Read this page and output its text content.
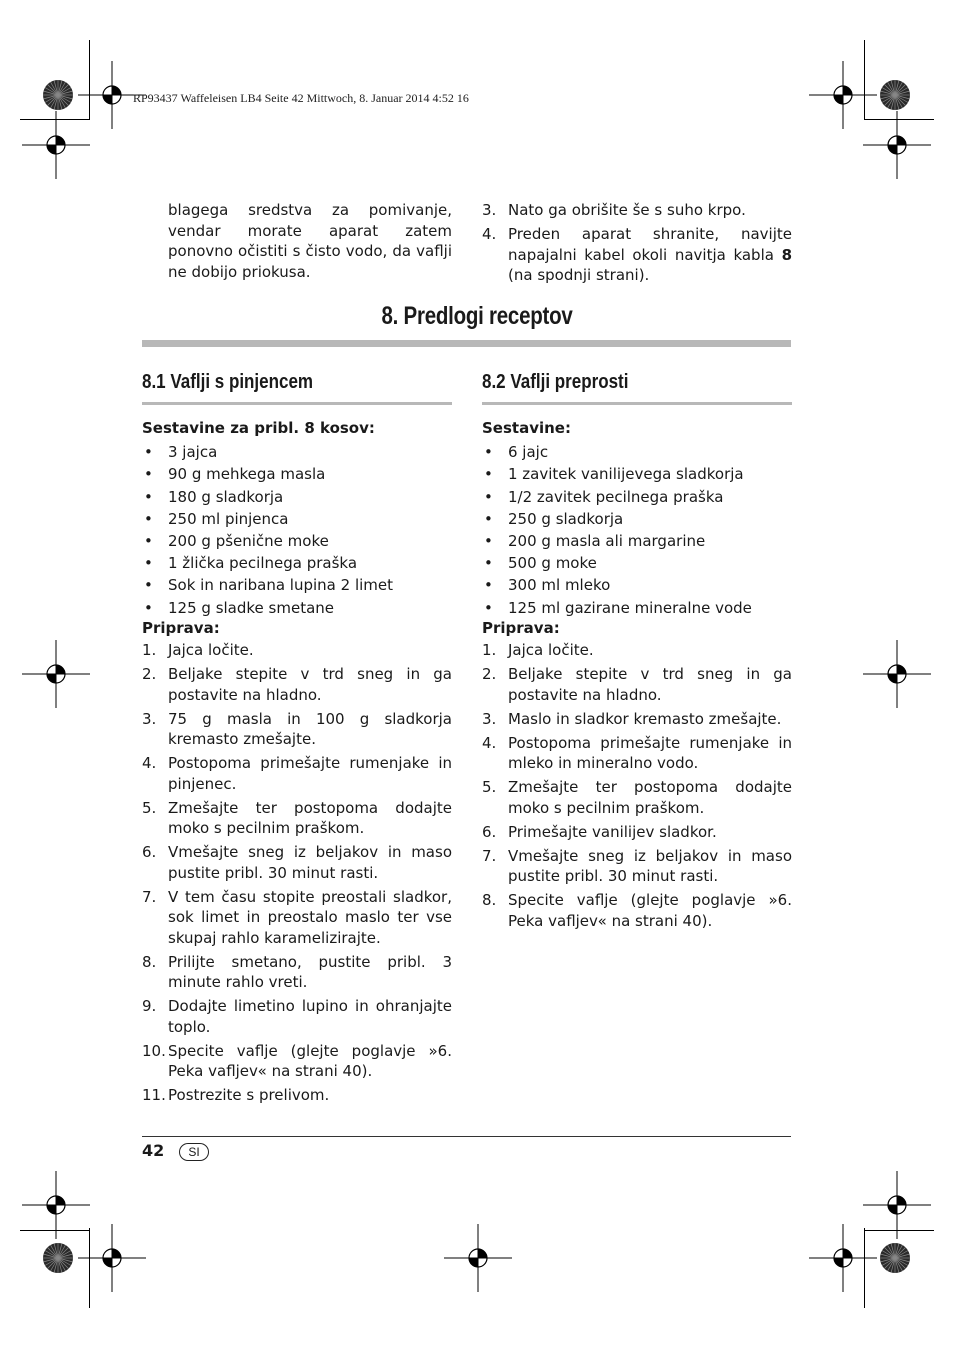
RP93437 Waffeleisen LB4 Seite 42 Mittwoch, 8. Januar 2014 4:52 16
blagega sredstva za pomivanje, vendar morate aparat zatem ponovno očistiti s čisto vodo, da vaflji ne dobijo priokusa.
3. Nato ga obrišite še s suho krpo.
4. Preden aparat shranite, navijte napajalni kabel okoli navitja kabla 8 (na spodnji strani).
8. Predlogi receptov
8.1 Vaflji s pinjencem
Sestavine za pribl. 8 kosov:
• 3 jajca
• 90 g mehkega masla
• 180 g sladkorja
• 250 ml pinjenca
• 200 g pšenične moke
• 1 žlička pecilnega praška
• Sok in naribana lupina 2 limet
• 125 g sladke smetane
Priprava:
1. Jajca ločite.
2. Beljake stepite v trd sneg in ga postavite na hladno.
3. 75 g masla in 100 g sladkorja kremasto zmešajte.
4. Postopoma primešajte rumenjake in pinjenec.
5. Zmešajte ter postopoma dodajte moko s pecilnim praškom.
6. Vmešajte sneg iz beljakov in maso pustite pribl. 30 minut rasti.
7. V tem času stopite preostali sladkor, sok limet in preostalo maslo ter vse skupaj rahlo karamelizirajte.
8. Prilijte smetano, pustite pribl. 3 minute rahlo vreti.
9. Dodajte limetino lupino in ohranjajte toplo.
10. Specite vaflje (glejte poglavje »6. Peka vafljev« na strani 40).
11. Postrezite s prelivom.
8.2 Vaflji preprosti
Sestavine:
• 6 jajc
• 1 zavitek vanilijevega sladkorja
• 1/2 zavitek pecilnega praška
• 250 g sladkorja
• 200 g masla ali margarine
• 500 g moke
• 300 ml mleko
• 125 ml gazirane mineralne vode
Priprava:
1. Jajca ločite.
2. Beljake stepite v trd sneg in ga postavite na hladno.
3. Maslo in sladkor kremasto zmešajte.
4. Postopoma primešajte rumenjake in mleko in mineralno vodo.
5. Zmešajte ter postopoma dodajte moko s pecilnim praškom.
6. Primešajte vanilijev sladkor.
7. Vmešajte sneg iz beljakov in maso pustite pribl. 30 minut rasti.
8. Specite vaflje (glejte poglavje »6. Peka vafljev« na strani 40).
42	SI
